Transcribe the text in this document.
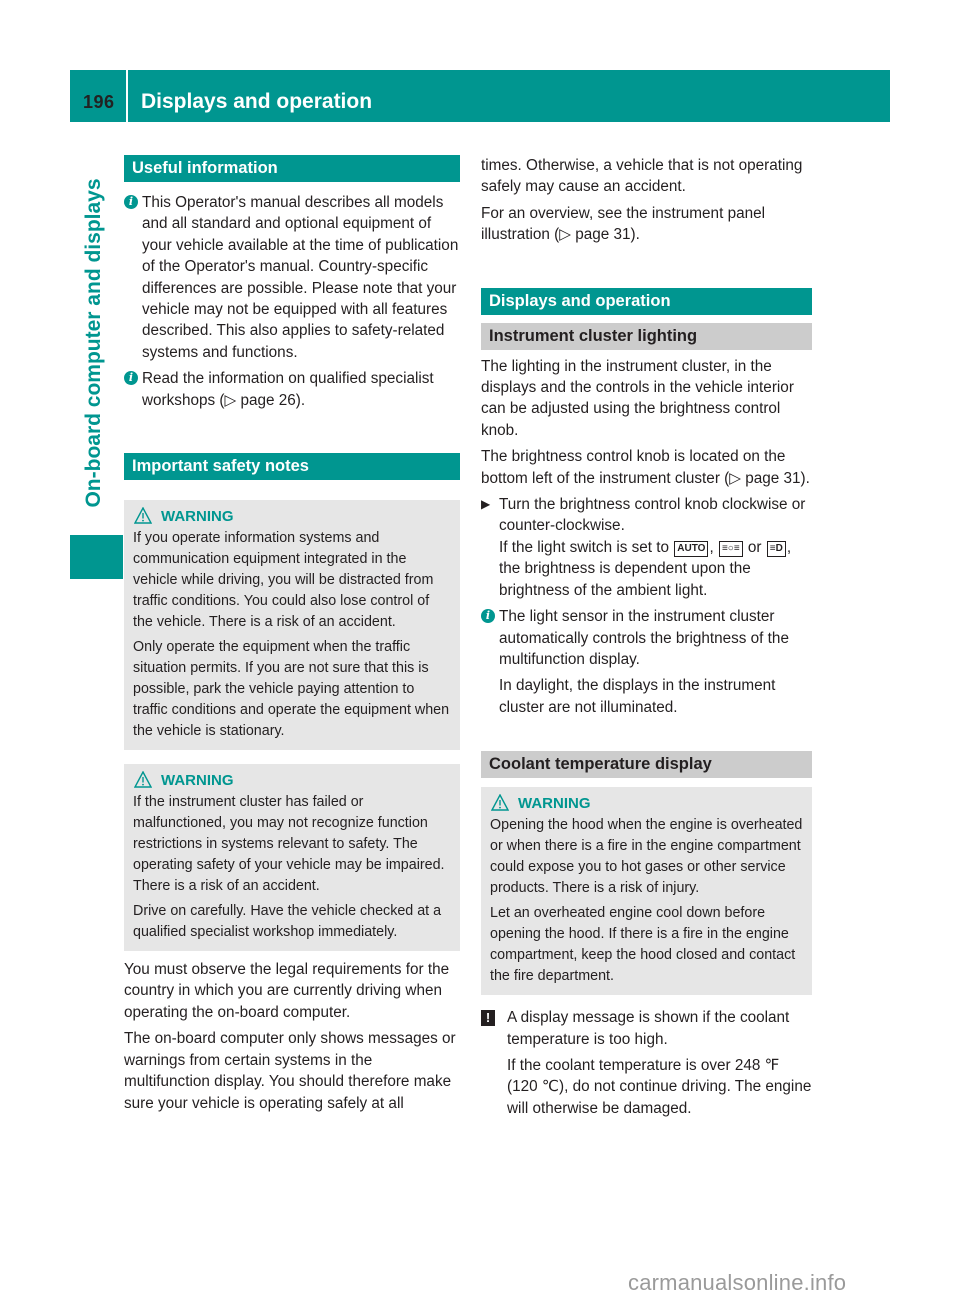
196 Displays and operation
On-board computer and displays
Useful information
i This Operator's manual describes all models and all standard and optional equipment of your vehicle available at the time of publication of the Operator's manual. Country-specific differences are possible. Please note that your vehicle may not be equipped with all features described. This also applies to safety-related systems and functions.

i Read the information on qualified specialist workshops (▷ page 26).

Important safety notes
WARNING

If you operate information systems and communication equipment integrated in the vehicle while driving, you will be distracted from traffic conditions. You could also lose control of the vehicle. There is a risk of an accident.

Only operate the equipment when the traffic situation permits. If you are not sure that this is possible, park the vehicle paying attention to traffic conditions and operate the equipment when the vehicle is stationary.

WARNING

If the instrument cluster has failed or malfunctioned, you may not recognize function restrictions in systems relevant to safety. The operating safety of your vehicle may be impaired. There is a risk of an accident.

Drive on carefully. Have the vehicle checked at a qualified specialist workshop immediately.

You must observe the legal requirements for the country in which you are currently driving when operating the on-board computer.

The on-board computer only shows messages or warnings from certain systems in the multifunction display. You should therefore make sure your vehicle is operating safely at all

times. Otherwise, a vehicle that is not operating safely may cause an accident.

For an overview, see the instrument panel illustration (▷ page 31).

Displays and operation
Instrument cluster lighting

The lighting in the instrument cluster, in the displays and the controls in the vehicle interior can be adjusted using the brightness control knob.

The brightness control knob is located on the bottom left of the instrument cluster (▷ page 31).

▶ Turn the brightness control knob clockwise or counter-clockwise.

If the light switch is set to AUTO , ≡○≡ or ≡D , the brightness is dependent upon the brightness of the ambient light.

i The light sensor in the instrument cluster automatically controls the brightness of the multifunction display.

In daylight, the displays in the instrument cluster are not illuminated.

Coolant temperature display
WARNING

Opening the hood when the engine is overheated or when there is a fire in the engine compartment could expose you to hot gases or other service products. There is a risk of injury.

Let an overheated engine cool down before opening the hood. If there is a fire in the engine compartment, keep the hood closed and contact the fire department.

!	A display message is shown if the coolant temperature is too high.

If the coolant temperature is over 248 ℉ (120 ℃), do not continue driving. The engine will otherwise be damaged.

carmanualsonline.info
